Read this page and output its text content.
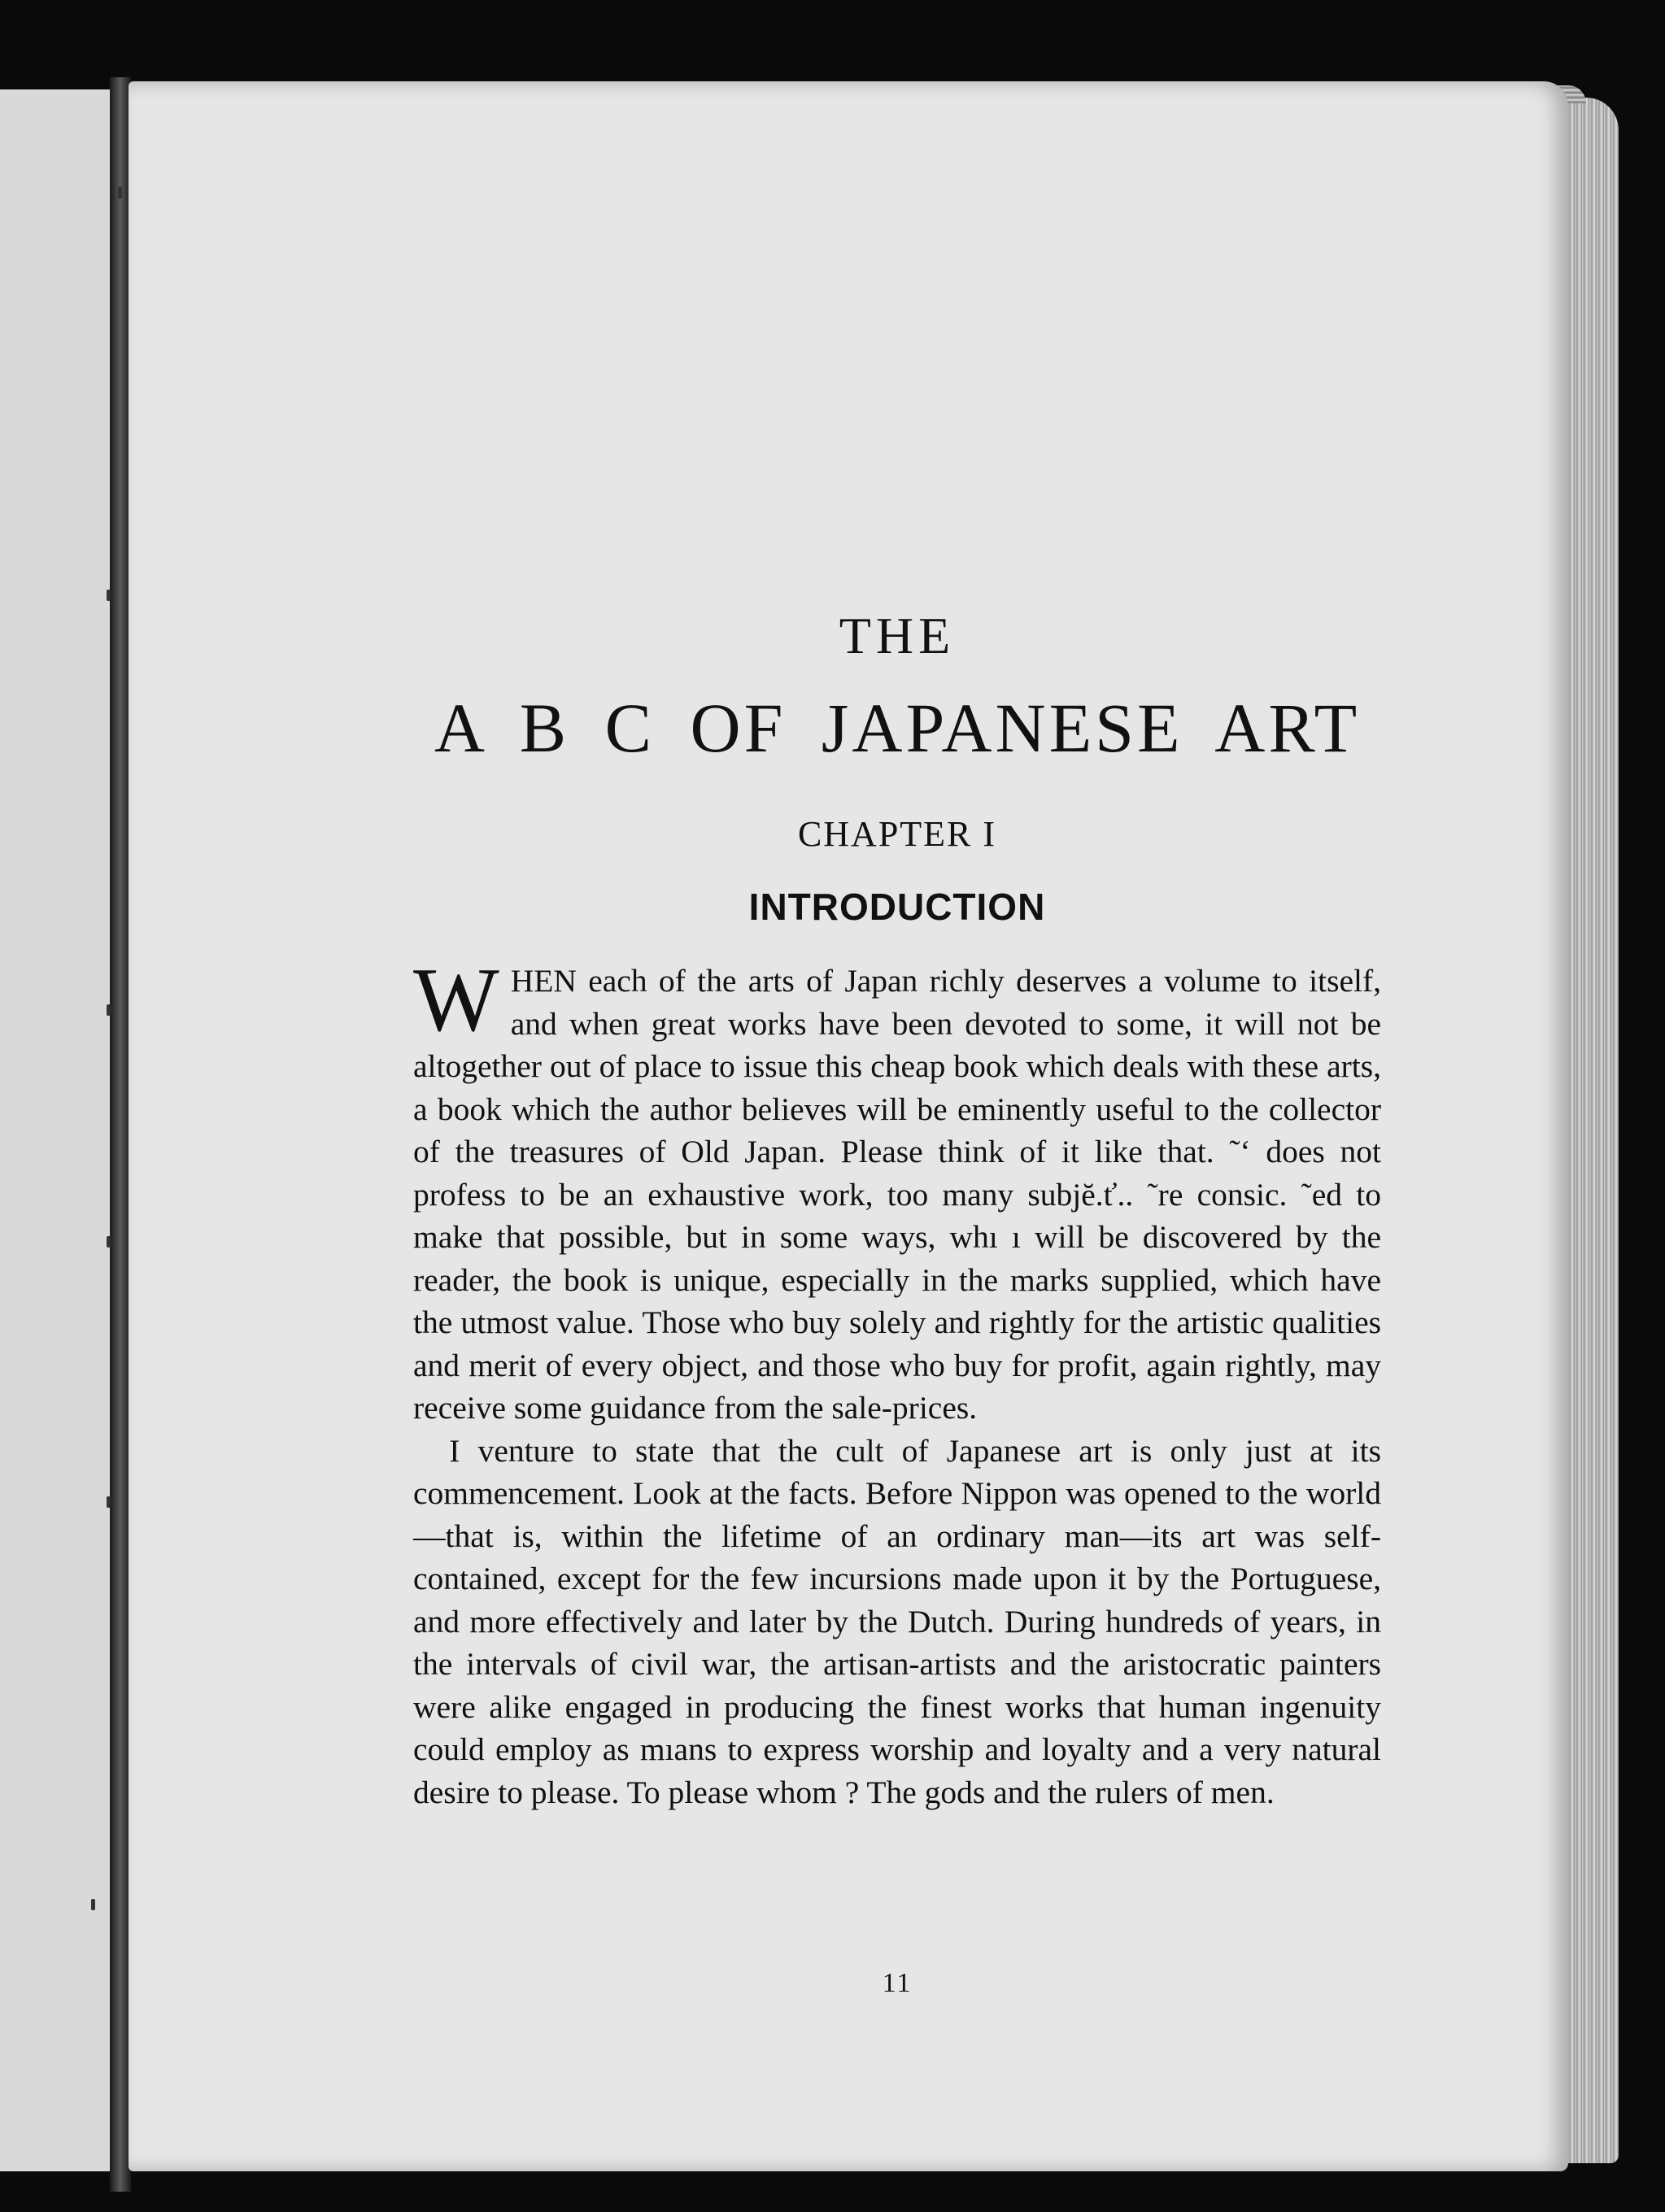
THE
A B C OF JAPANESE ART
CHAPTER I
INTRODUCTION

WHEN each of the arts of Japan richly deserves a volume to itself, and when great works have been devoted to some, it will not be altogether out of place to issue this cheap book which deals with these arts, a book which the author believes will be eminently useful to the collector of the treasures of Old Japan. Please think of it like that. ˜‘ does not profess to be an exhaustive work, too many subjĕ.ť.. ˜re consic. ˜ed to make that possible, but in some ways, whı ı will be discovered by the reader, the book is unique, especially in the marks supplied, which have the utmost value. Those who buy solely and rightly for the artistic qualities and merit of every object, and those who buy for profit, again rightly, may receive some guidance from the sale-prices.

I venture to state that the cult of Japanese art is only just at its commencement. Look at the facts. Before Nippon was opened to the world—that is, within the lifetime of an ordinary man—its art was self-contained, except for the few incursions made upon it by the Portuguese, and more effectively and later by the Dutch. During hundreds of years, in the intervals of civil war, the artisan-artists and the aristocratic painters were alike engaged in producing the finest works that human ingenuity could employ as mıans to express worship and loyalty and a very natural desire to please. To please whom ? The gods and the rulers of men.

11
